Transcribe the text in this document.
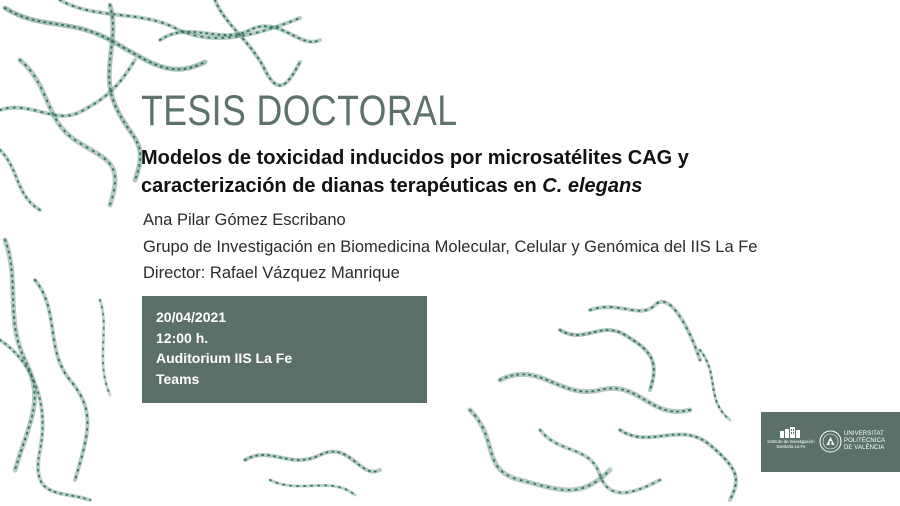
TESIS DOCTORAL
Modelos de toxicidad inducidos por microsatélites CAG y
caracterización de dianas terapéuticas en C. elegans

Ana Pilar Gómez Escribano

Grupo de Investigación en Biomedicina Molecular, Celular y Genómica del IIS La Fe

Director: Rafael Vázquez Manrique

20/04/2021
12:00 h.
Auditorium IIS La Fe
Teams
Instituto de Investigación
Sanitaria La Fe
UNIVERSITAT
POLITÈCNICA
DE VALÈNCIA
